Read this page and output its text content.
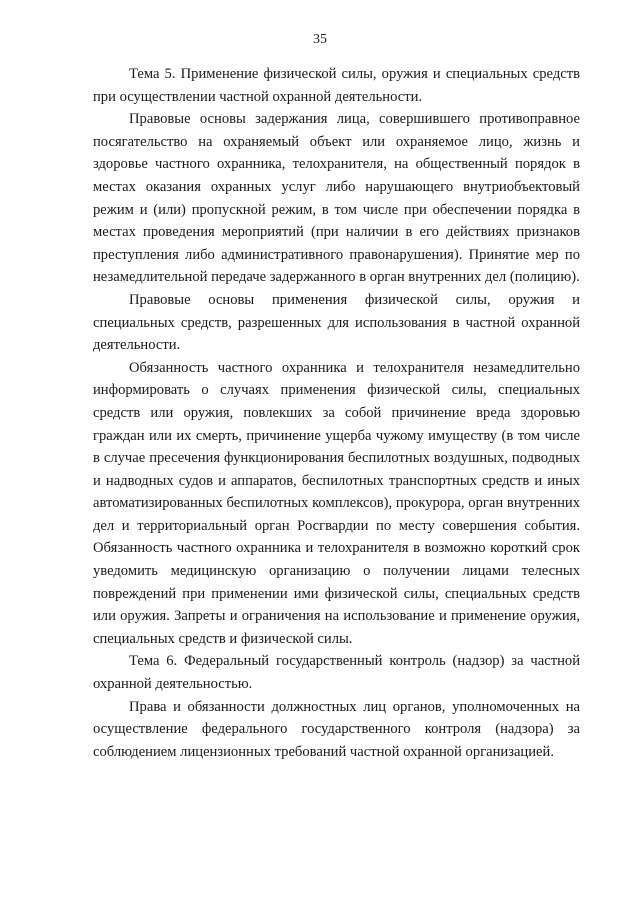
35

Тема 5. Применение физической силы, оружия и специальных средств при осуществлении частной охранной деятельности.

Правовые основы задержания лица, совершившего противоправное посягательство на охраняемый объект или охраняемое лицо, жизнь и здоровье частного охранника, телохранителя, на общественный порядок в местах оказания охранных услуг либо нарушающего внутриобъектовый режим и (или) пропускной режим, в том числе при обеспечении порядка в местах проведения мероприятий (при наличии в его действиях признаков преступления либо административного правонарушения). Принятие мер по незамедлительной передаче задержанного в орган внутренних дел (полицию).

Правовые основы применения физической силы, оружия и специальных средств, разрешенных для использования в частной охранной деятельности.

Обязанность частного охранника и телохранителя незамедлительно информировать о случаях применения физической силы, специальных средств или оружия, повлекших за собой причинение вреда здоровью граждан или их смерть, причинение ущерба чужому имуществу (в том числе в случае пресечения функционирования беспилотных воздушных, подводных и надводных судов и аппаратов, беспилотных транспортных средств и иных автоматизированных беспилотных комплексов), прокурора, орган внутренних дел и территориальный орган Росгвардии по месту совершения события. Обязанность частного охранника и телохранителя в возможно короткий срок уведомить медицинскую организацию о получении лицами телесных повреждений при применении ими физической силы, специальных средств или оружия. Запреты и ограничения на использование и применение оружия, специальных средств и физической силы.

Тема 6. Федеральный государственный контроль (надзор) за частной охранной деятельностью.

Права и обязанности должностных лиц органов, уполномоченных на осуществление федерального государственного контроля (надзора) за соблюдением лицензионных требований частной охранной организацией.
